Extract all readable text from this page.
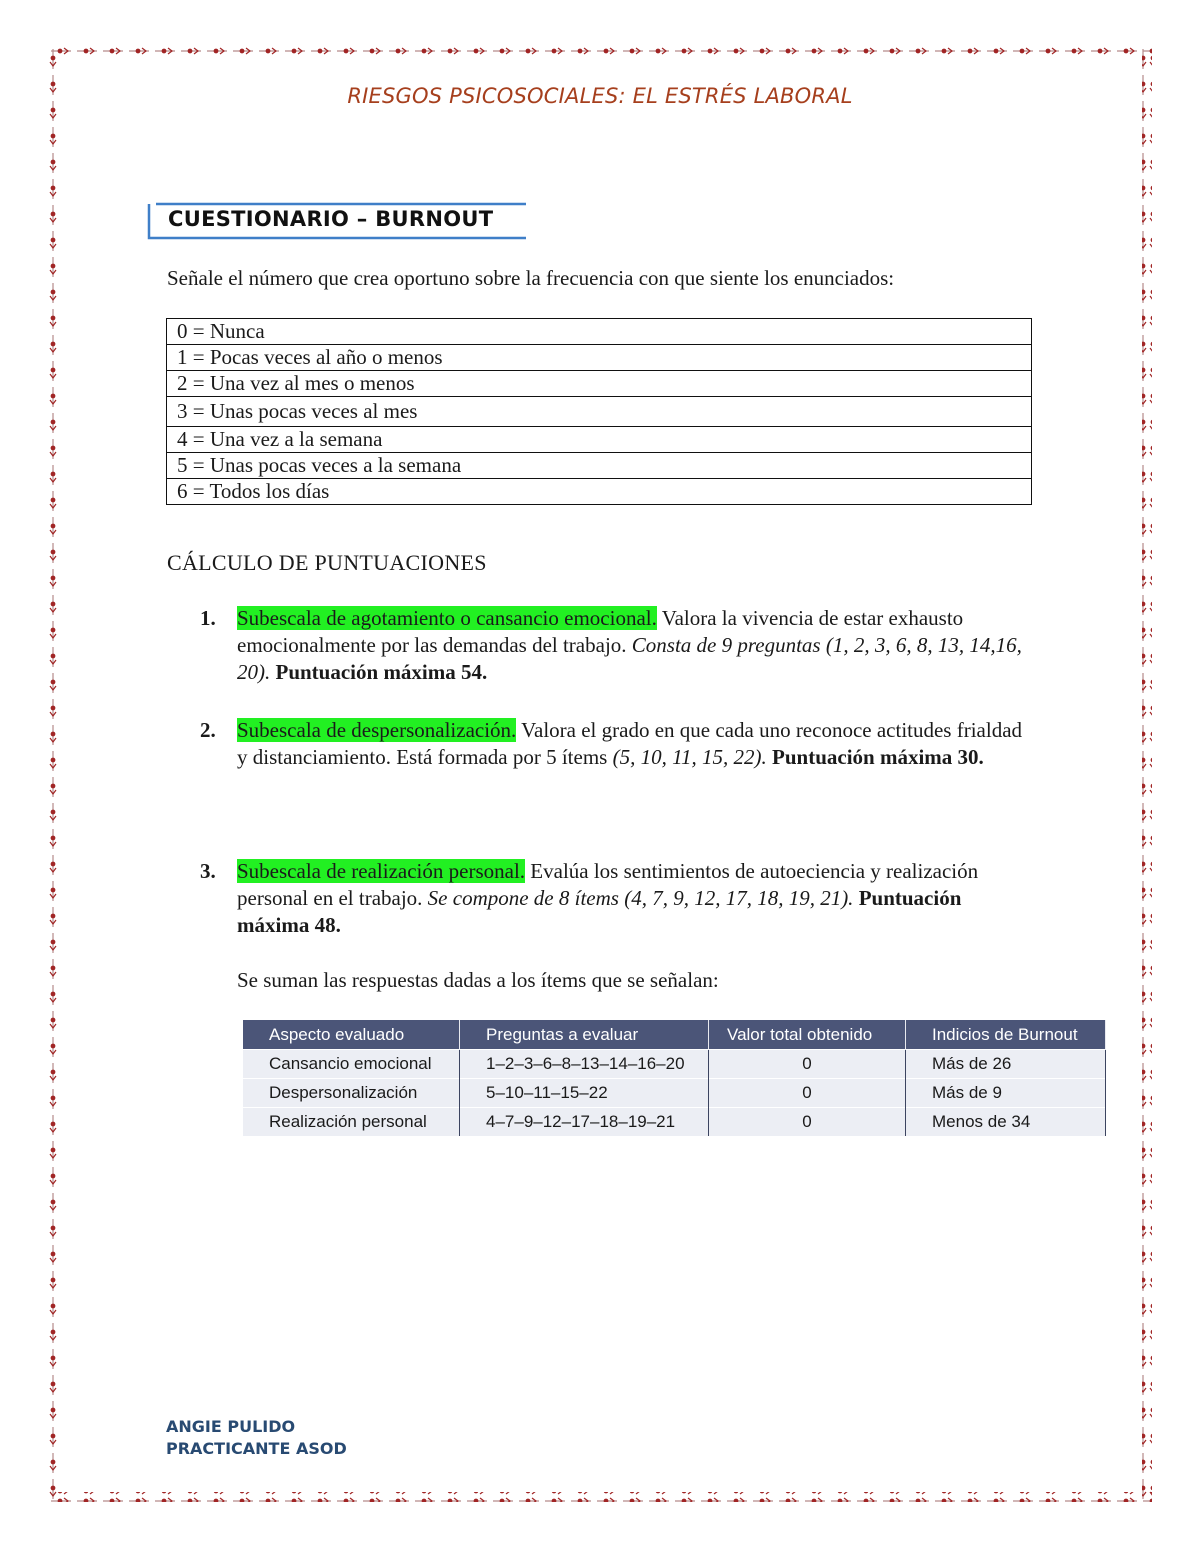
RIESGOS PSICOSOCIALES: EL ESTRÉS LABORAL
CUESTIONARIO – BURNOUT
Señale el número que crea oportuno sobre la frecuencia con que siente los enunciados:
0 = Nunca
1 = Pocas veces al año o menos
2 = Una vez al mes o menos
3 = Unas pocas veces al mes
4 = Una vez a la semana
5 = Unas pocas veces a la semana
6 = Todos los días
CÁLCULO DE PUNTUACIONES
1. Subescala de agotamiento o cansancio emocional. Valora la vivencia de estar exhausto emocionalmente por las demandas del trabajo. Consta de 9 preguntas (1, 2, 3, 6, 8, 13, 14,16, 20). Puntuación máxima 54.
2. Subescala de despersonalización. Valora el grado en que cada uno reconoce actitudes frialdad y distanciamiento. Está formada por 5 ítems (5, 10, 11, 15, 22). Puntuación máxima 30.
3. Subescala de realización personal. Evalúa los sentimientos de autoeciencia y realización personal en el trabajo. Se compone de 8 ítems (4, 7, 9, 12, 17, 18, 19, 21). Puntuación máxima 48.
Se suman las respuestas dadas a los ítems que se señalan:
Aspecto evaluado	Preguntas a evaluar	Valor total obtenido	Indicios de Burnout
Cansancio emocional	1–2–3–6–8–13–14–16–20	0	Más de 26
Despersonalización	5–10–11–15–22	0	Más de 9
Realización personal	4–7–9–12–17–18–19–21	0	Menos de 34
ANGIE PULIDO
PRACTICANTE ASOD
